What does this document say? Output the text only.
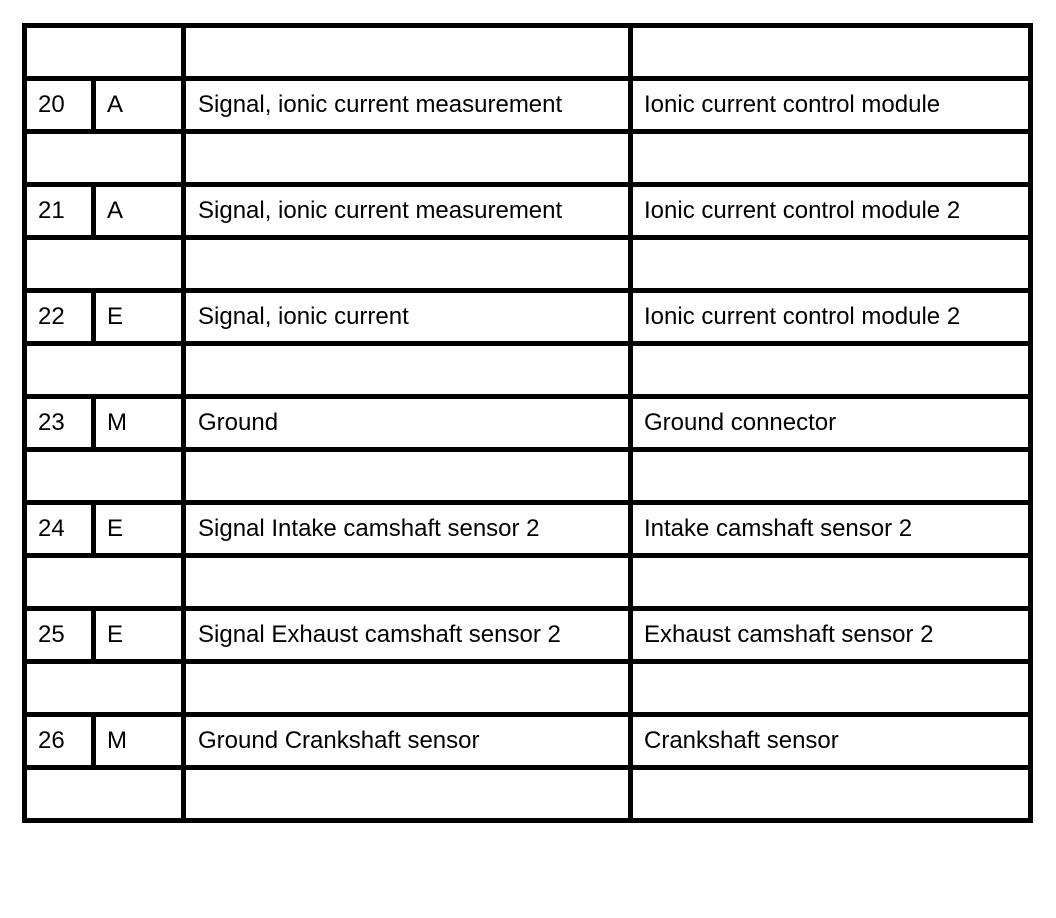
20	A	Signal, ionic current measurement	Ionic current control module

21	A	Signal, ionic current measurement	Ionic current control module 2

22	E	Signal, ionic current	Ionic current control module 2

23	M	Ground	Ground connector

24	E	Signal Intake camshaft sensor 2	Intake camshaft sensor 2

25	E	Signal Exhaust camshaft sensor 2	Exhaust camshaft sensor 2

26	M	Ground Crankshaft sensor	Crankshaft sensor
